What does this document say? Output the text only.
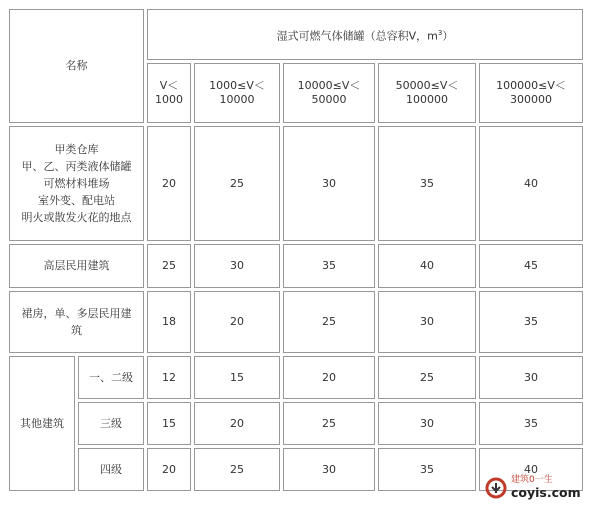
名称		湿式可燃气体储罐（总容积V，$m^3$）				
		V＜1000	1000≤V＜10000	10000≤V＜50000	50000≤V＜100000	100000≤V＜300000

甲类仓库
甲、乙、丙类液体储罐
可燃材料堆场
室外变、配电站
明火或散发火花的地点		20	25	30	35	40
高层民用建筑		25	30	35	40	45
裙房，单、多层民用建筑		18	20	25	30	35
其他建筑	一、二级	12	15	20	25	30
	三级	15	20	25	30	35
	四级	20	25	30	35	40
建筑0一生
coyis.com
